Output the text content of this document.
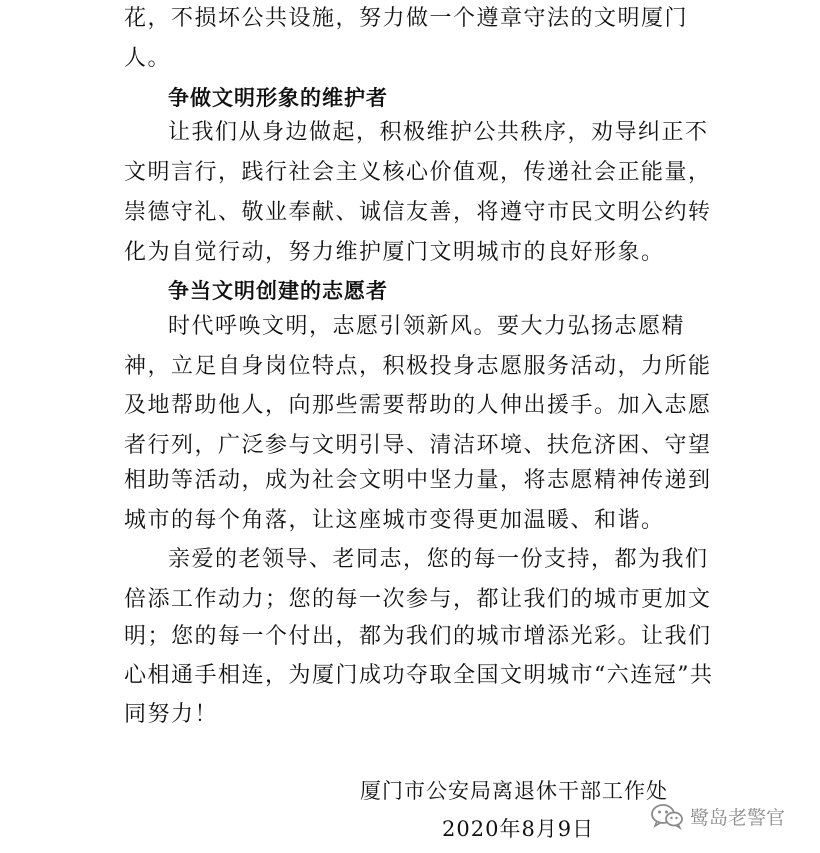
花，不损坏公共设施，努力做一个遵章守法的文明厦门
人。
争做文明形象的维护者
让我们从身边做起，积极维护公共秩序，劝导纠正不
文明言行，践行社会主义核心价值观，传递社会正能量，
崇德守礼、敬业奉献、诚信友善，将遵守市民文明公约转
化为自觉行动，努力维护厦门文明城市的良好形象。
争当文明创建的志愿者
时代呼唤文明，志愿引领新风。要大力弘扬志愿精
神，立足自身岗位特点，积极投身志愿服务活动，力所能
及地帮助他人，向那些需要帮助的人伸出援手。加入志愿
者行列，广泛参与文明引导、清洁环境、扶危济困、守望
相助等活动，成为社会文明中坚力量，将志愿精神传递到
城市的每个角落，让这座城市变得更加温暖、和谐。
亲爱的老领导、老同志，您的每一份支持，都为我们
倍添工作动力；您的每一次参与，都让我们的城市更加文
明；您的每一个付出，都为我们的城市增添光彩。让我们
心相通手相连，为厦门成功夺取全国文明城市“六连冠”共
同努力！
厦门市公安局离退休干部工作处
2020年8月9日	鹭岛老警官
